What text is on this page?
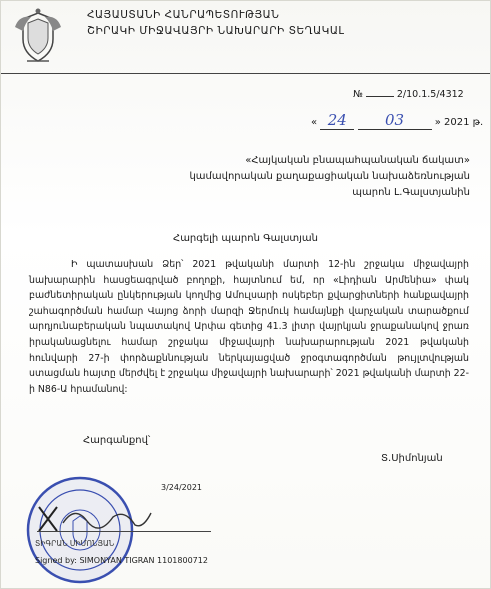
ՀԱՅԱՍՏԱՆԻ ՀԱՆՐԱՊԵՏՈՒԹՅԱՆ
ՇԻՐԱԿԻ ՄԻՋԱՎԱՅՐԻ ՆԱԽԱՐԱՐԻ ՏԵՂԱԿԱԼ
№	2/10.1.5/4312
« 24	03	» 2021 թ.
«Հայկական բնապահպանական ճակատ»
կամավորական քաղաքացիական նախաձեռնության
պարոն Լ.Գալստյանին
Հարգելի պարոն Գալստյան
Ի պատասխան Ձեր՝ 2021 թվականի մարտի 12-ին շրջակա միջավայրի նախարարին հասցեագրված բողոքի, հայտնում եմ, որ «Լիդիան Արմենիա» փակ բաժնետիրական ընկերության կողմից Ամուլսարի ոսկեբեր քվարցիտների հանքավայրի շահագործման համար Վայոց ձորի մարզի Ջերմուկ համայնքի վարչական տարածքում արդյունաբերական նպատակով Արփա գետից 41.3 լիտր վայրկյան ջրաքանակով ջրառ իրականացնելու համար շրջակա միջավայրի նախարարության 2021 թվականի հունվարի 27-ի փորձաքննության ներկայացված ջրօգտագործման թույլտվության ստացման հայտը մերժվել է շրջակա միջավայրի նախարարի՝ 2021 թվականի մարտի 22-ի N86-Ա հրամանով:
Հարգանքով՝
Տ.Սիմոնյան
3/24/2021
ՏԻԳՐԱՆ ՍԻՄՈՆՅԱՆ
Signed by: SIMONYAN TIGRAN 1101800712
